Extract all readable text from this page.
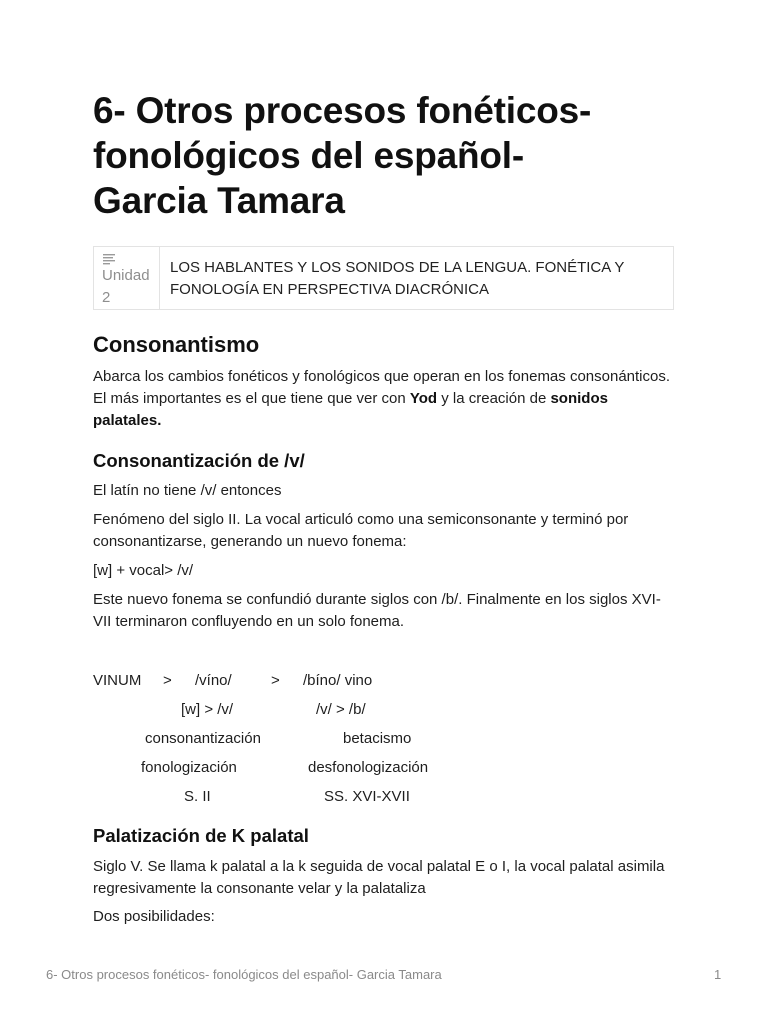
6- Otros procesos fonéticos-
fonológicos del español-
Garcia Tamara
Unidad
2
LOS HABLANTES Y LOS SONIDOS DE LA LENGUA. FONÉTICA Y FONOLOGÍA EN PERSPECTIVA DIACRÓNICA
Consonantismo

Abarca los cambios fonéticos y fonológicos que operan en los fonemas consonánticos. El más importantes es el que tiene que ver con Yod y la creación de sonidos palatales.

Consonantización de /v/

El latín no tiene /v/ entonces

Fenómeno del siglo II. La vocal articuló como una semiconsonante y terminó por consonantizarse, generando un nuevo fonema:

[w] + vocal> /v/

Este nuevo fonema se confundió durante siglos con /b/. Finalmente en los siglos XVI-VII terminaron confluyendo en un solo fonema.

VINUM > /víno/	> /bíno/ vino
[w] > /v/	/v/ > /b/
consonantización	betacismo
fonologización	desfonologización
S. II	SS. XVI-XVII
Palatización de K palatal

Siglo V. Se llama k palatal a la k seguida de vocal palatal E o I, la vocal palatal asimila regresivamente la consonante velar y la palataliza

Dos posibilidades:

6- Otros procesos fonéticos- fonológicos del español- Garcia Tamara	1
